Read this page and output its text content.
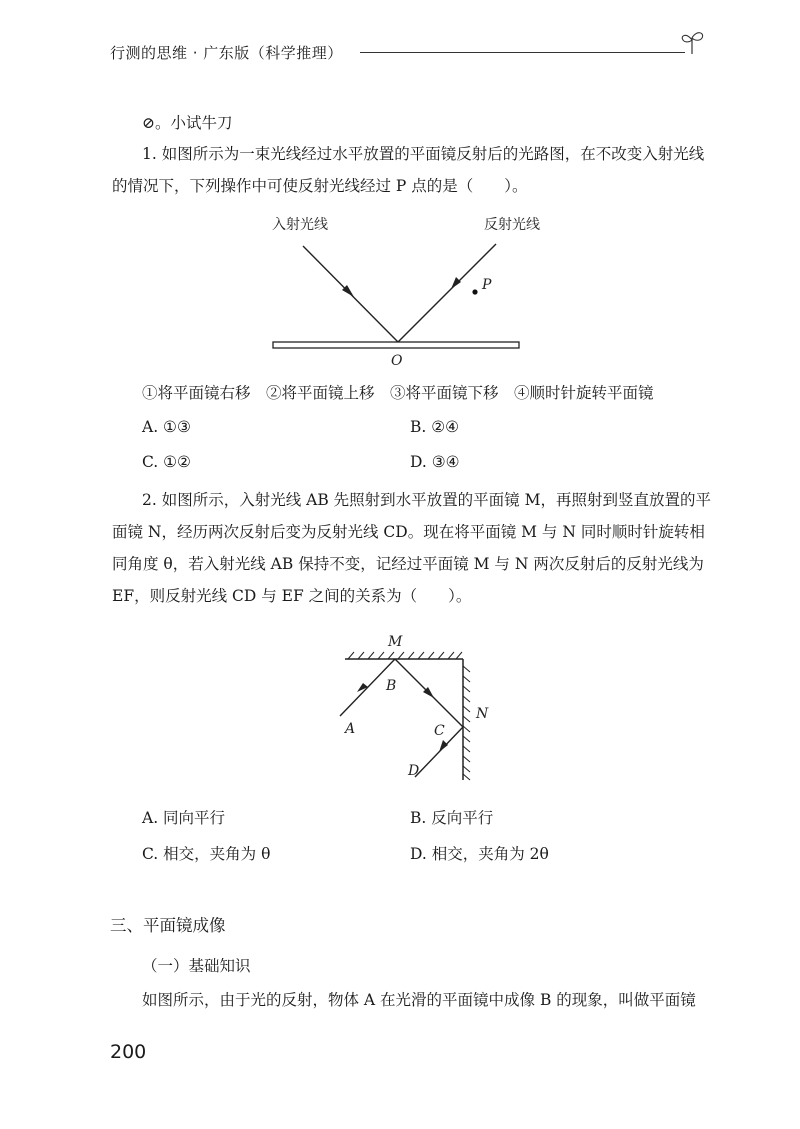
行测的思维 · 广东版（科学推理）
⊘。小试牛刀
1. 如图所示为一束光线经过水平放置的平面镜反射后的光路图，在不改变入射光线的情况下，下列操作中可使反射光线经过 P 点的是（　　）。
入射光线	反射光线
P
O
①将平面镜右移　②将平面镜上移　③将平面镜下移　④顺时针旋转平面镜
A. ①③	B. ②④
C. ①②	D. ③④
2. 如图所示，入射光线 AB 先照射到水平放置的平面镜 M，再照射到竖直放置的平面镜 N，经历两次反射后变为反射光线 CD。现在将平面镜 M 与 N 同时顺时针旋转相同角度 θ，若入射光线 AB 保持不变，记经过平面镜 M 与 N 两次反射后的反射光线为 EF，则反射光线 CD 与 EF 之间的关系为（　　）。
M
N
A
B
C
D
A. 同向平行	B. 反向平行
C. 相交，夹角为 θ	D. 相交，夹角为 2θ
三、平面镜成像
（一）基础知识
如图所示，由于光的反射，物体 A 在光滑的平面镜中成像 B 的现象，叫做平面镜
200
